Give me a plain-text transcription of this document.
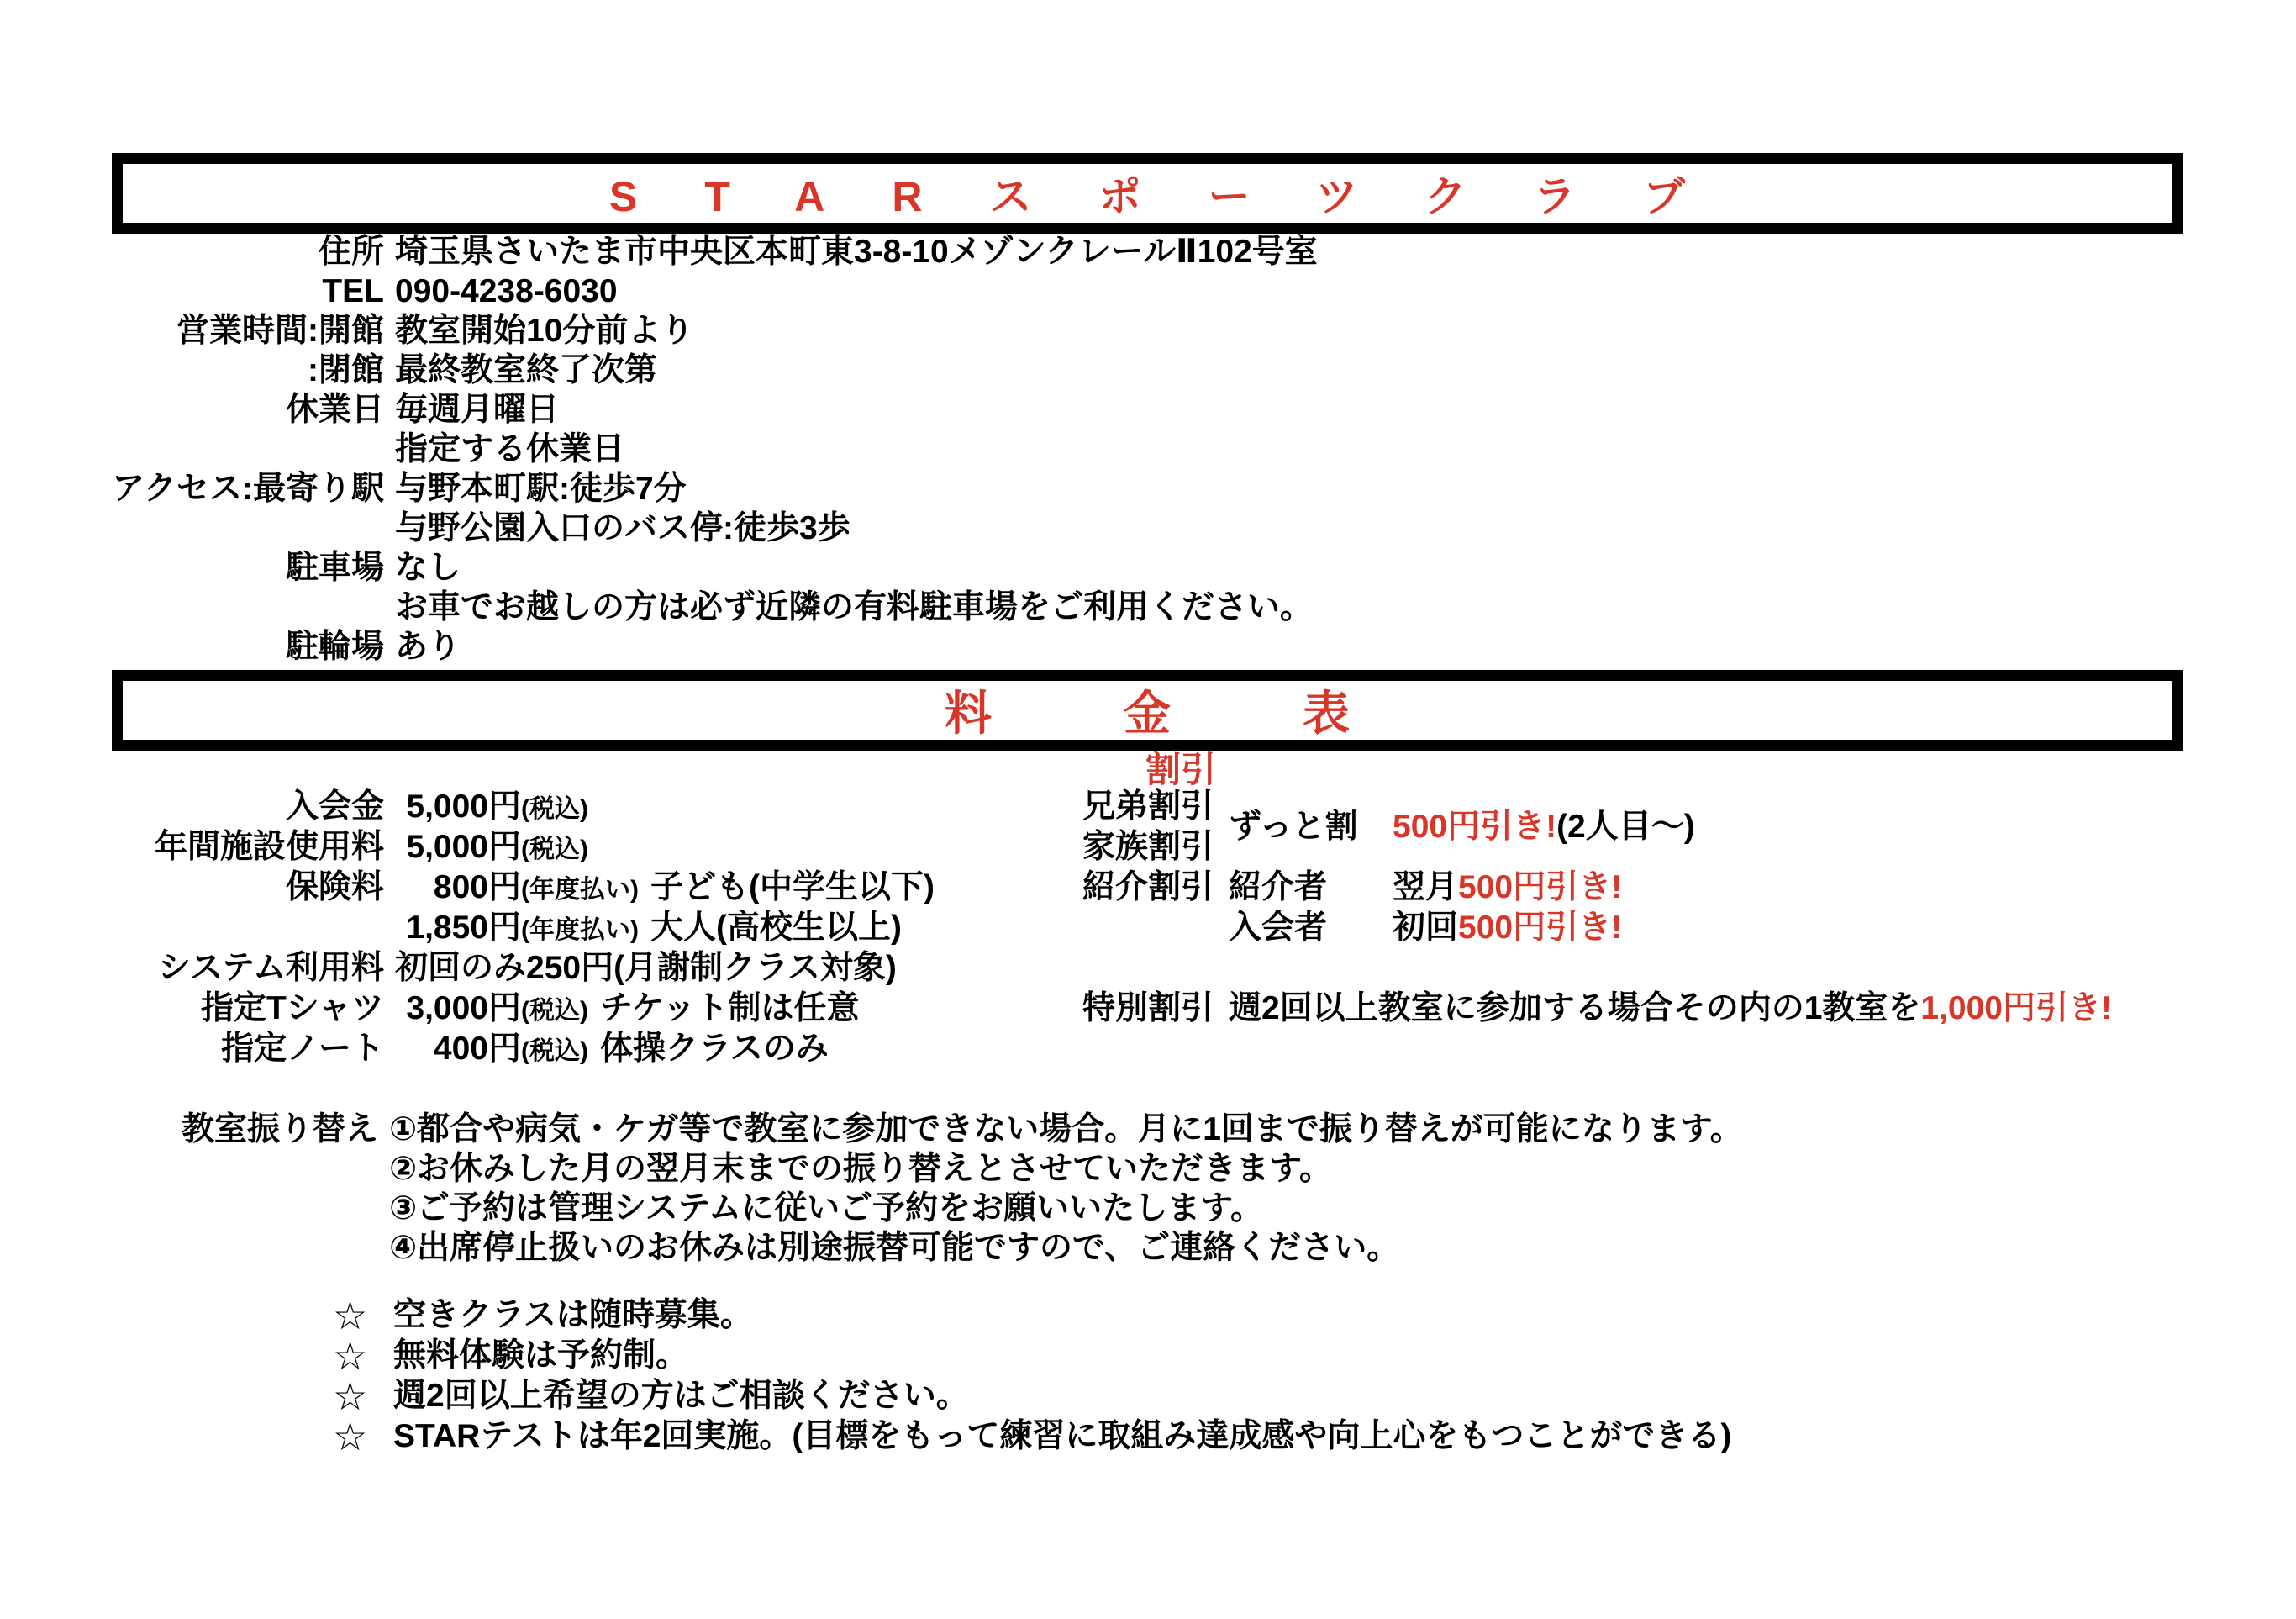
STARスポーツクラブ
住所 埼玉県さいたま市中央区本町東3-8-10メゾンクレールⅡ102号室
TEL 090-4238-6030
営業時間:開館 教室開始10分前より
:閉館 最終教室終了次第
休業日 毎週月曜日
指定する休業日
アクセス:最寄り駅 与野本町駅:徒歩7分
与野公園入口のバス停:徒歩3歩
駐車場 なし
お車でお越しの方は必ず近隣の有料駐車場をご利用ください。
駐輪場 あり
料金表
割引
入会金 5,000円(税込)
年間施設使用料 5,000円(税込)
保険料	800円(年度払い) 子ども(中学生以下)
1,850円(年度払い) 大人(高校生以上)
システム利用料 初回のみ250円(月謝制クラス対象)
指定Tシャツ 3,000円(税込) チケット制は任意
指定ノート	400円(税込) 体操クラスのみ
兄弟割引
家族割引
ずっと割 500円引き!(2人目〜)
紹介割引 紹介者 翌月500円引き!
入会者 初回500円引き!
特別割引 週2回以上教室に参加する場合その内の1教室を1,000円引き!
教室振り替え ①都合や病気・ケガ等で教室に参加できない場合。月に1回まで振り替えが可能になります。
②お休みした月の翌月末までの振り替えとさせていただきます。
③ご予約は管理システムに従いご予約をお願いいたします。
④出席停止扱いのお休みは別途振替可能ですので、ご連絡ください。
☆ 空きクラスは随時募集。
☆ 無料体験は予約制。
☆ 週2回以上希望の方はご相談ください。
☆ STARテストは年2回実施。(目標をもって練習に取組み達成感や向上心をもつことができる)
